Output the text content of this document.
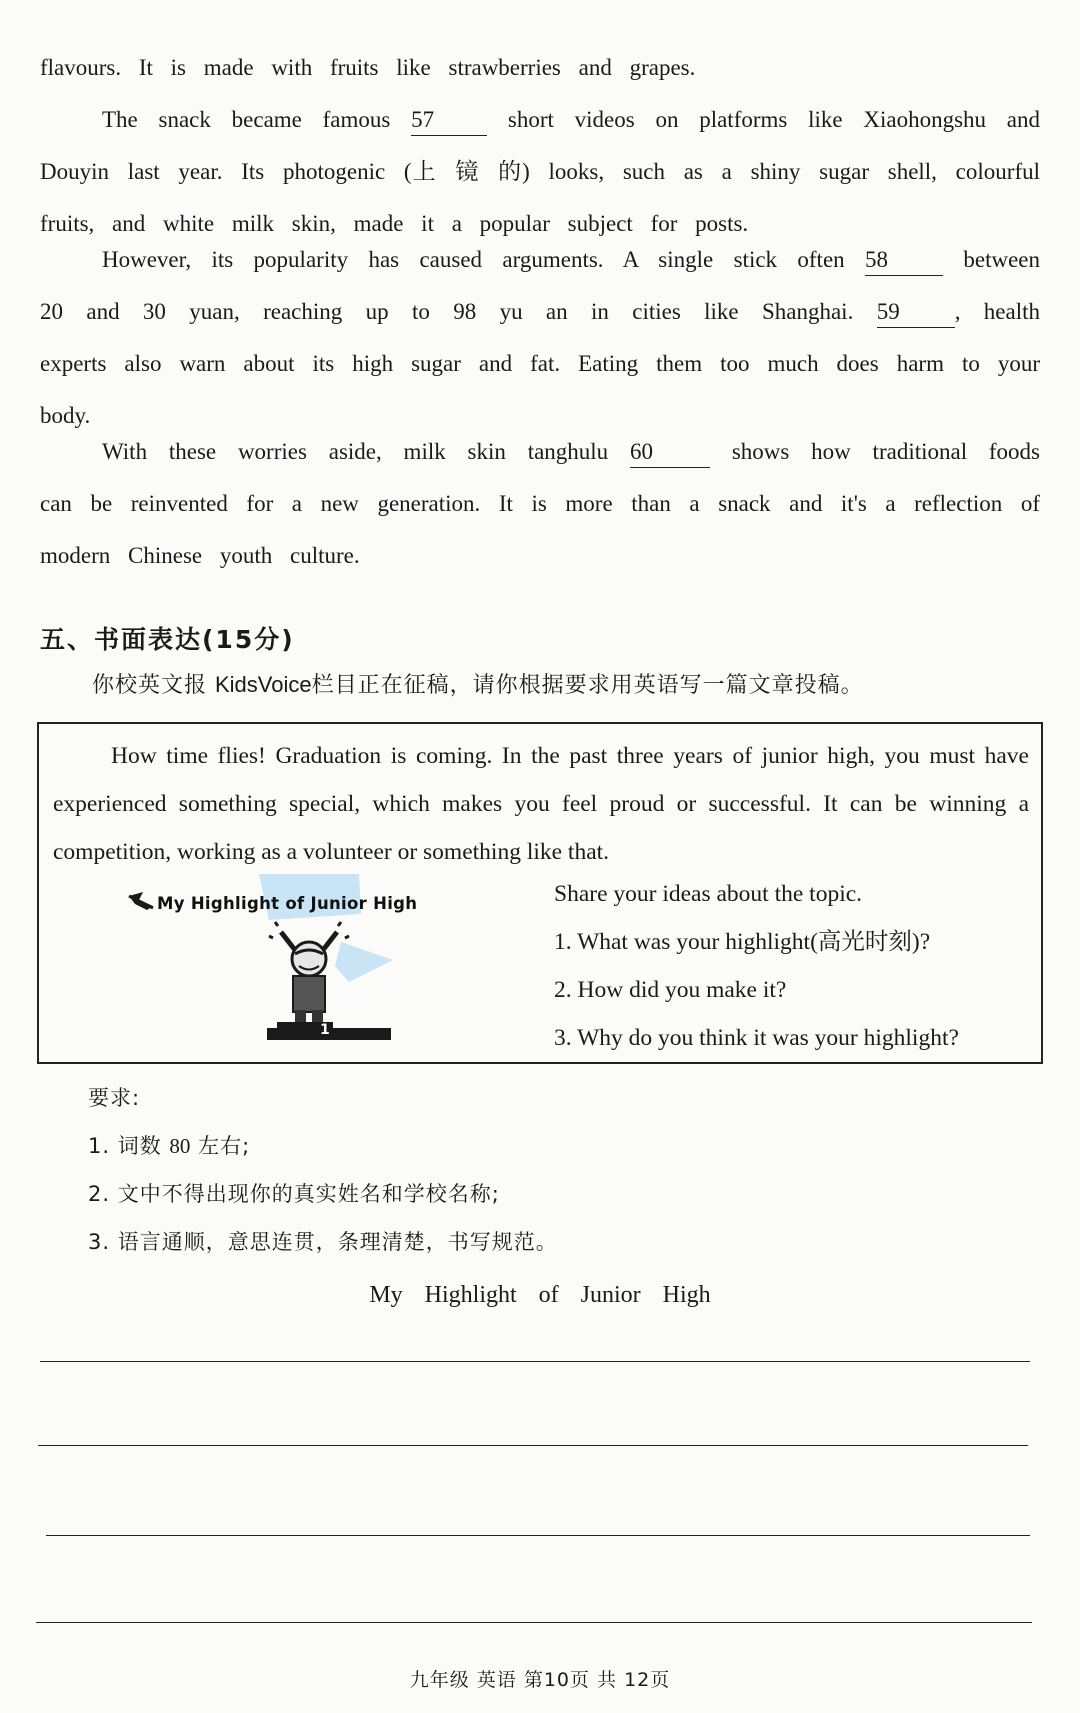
flavours. It is made with fruits like strawberries and grapes.

The snack became famous 57	short videos on platforms like Xiaohongshu and Douyin last year. Its photogenic (上 镜 的) looks, such as a shiny sugar shell, colourful fruits, and white milk skin, made it a popular subject for posts.

However, its popularity has caused arguments. A single stick often 58	between 20 and 30 yuan, reaching up to 98 yu an in cities like Shanghai. 59 , health experts also warn about its high sugar and fat. Eating them too much does harm to your body.

With these worries aside, milk skin tanghulu 60	shows how traditional foods can be reinvented for a new generation. It is more than a snack and it's a reflection of modern Chinese youth culture.

五、书面表达(15分)
你校英文报 KidsVoice栏目正在征稿，请你根据要求用英语写一篇文章投稿。

How time flies! Graduation is coming. In the past three years of junior high, you must have experienced something special, which makes you feel proud or successful. It can be winning a competition, working as a volunteer or something like that.

My Highlight of Junior High
1
Share your ideas about the topic.
1. What was your highlight(高光时刻)?
2. How did you make it?
3. Why do you think it was your highlight?
要求:
1. 词数 80 左右;
2. 文中不得出现你的真实姓名和学校名称;
3. 语言通顺，意思连贯，条理清楚，书写规范。
My Highlight of Junior High
九年级 英语 第10页 共 12页
